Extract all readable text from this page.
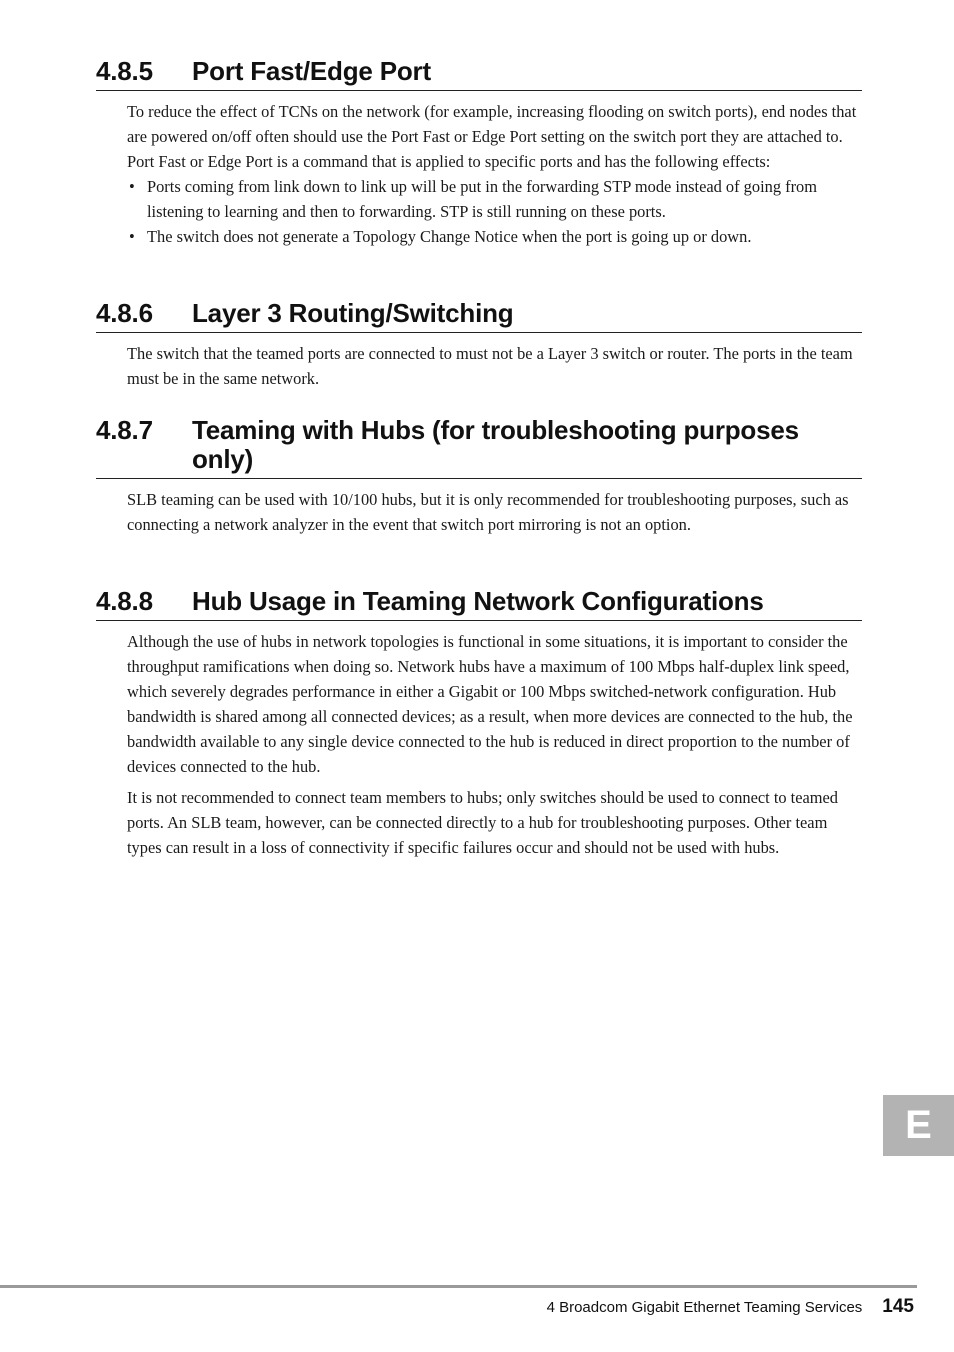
4.8.5	Port Fast/Edge Port

To reduce the effect of TCNs on the network (for example, increasing flooding on switch ports), end nodes that are powered on/off often should use the Port Fast or Edge Port setting on the switch port they are attached to. Port Fast or Edge Port is a command that is applied to specific ports and has the following effects:

• Ports coming from link down to link up will be put in the forwarding STP mode instead of going from listening to learning and then to forwarding. STP is still running on these ports.
• The switch does not generate a Topology Change Notice when the port is going up or down.
4.8.6	Layer 3 Routing/Switching

The switch that the teamed ports are connected to must not be a Layer 3 switch or router. The ports in the team must be in the same network.

4.8.7	Teaming with Hubs (for troubleshooting purposes only)

SLB teaming can be used with 10/100 hubs, but it is only recommended for troubleshooting purposes, such as connecting a network analyzer in the event that switch port mirroring is not an option.

4.8.8	Hub Usage in Teaming Network Configurations

Although the use of hubs in network topologies is functional in some situations, it is important to consider the throughput ramifications when doing so. Network hubs have a maximum of 100 Mbps half-duplex link speed, which severely degrades performance in either a Gigabit or 100 Mbps switched-network configuration. Hub bandwidth is shared among all connected devices; as a result, when more devices are connected to the hub, the bandwidth available to any single device connected to the hub is reduced in direct proportion to the number of devices connected to the hub.

It is not recommended to connect team members to hubs; only switches should be used to connect to teamed ports. An SLB team, however, can be connected directly to a hub for troubleshooting purposes. Other team types can result in a loss of connectivity if specific failures occur and should not be used with hubs.

E
4 Broadcom Gigabit Ethernet Teaming Services 145
